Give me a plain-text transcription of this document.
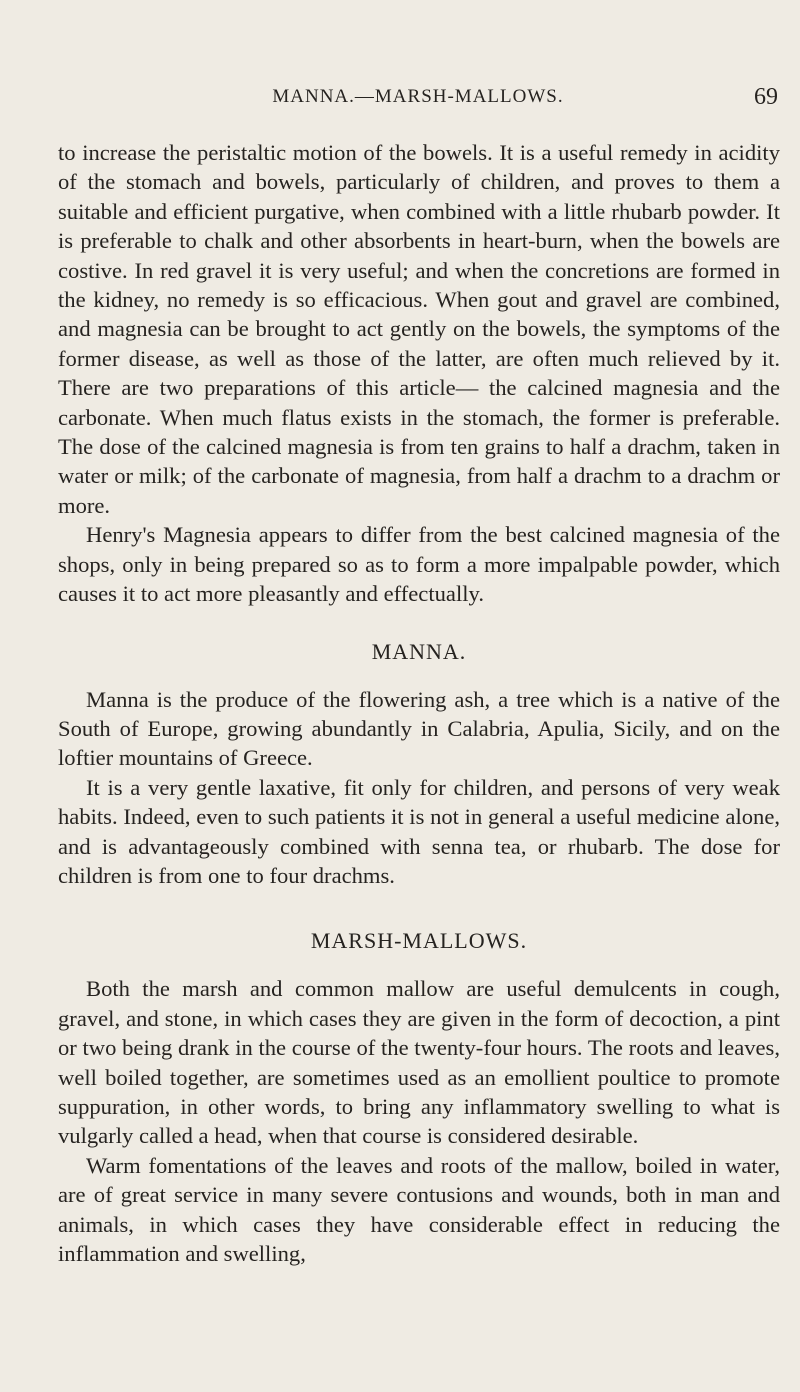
MANNA.—MARSH-MALLOWS.	69

to increase the peristaltic motion of the bowels. It is a useful remedy in acidity of the stomach and bowels, particularly of children, and proves to them a suitable and efficient purgative, when combined with a little rhubarb powder. It is preferable to chalk and other absorbents in heart-burn, when the bowels are costive. In red gravel it is very useful; and when the concretions are formed in the kidney, no remedy is so efficacious. When gout and gravel are combined, and magnesia can be brought to act gently on the bowels, the symptoms of the former disease, as well as those of the latter, are often much relieved by it. There are two preparations of this article— the calcined magnesia and the carbonate. When much flatus exists in the stomach, the former is preferable. The dose of the calcined magnesia is from ten grains to half a drachm, taken in water or milk; of the carbonate of magnesia, from half a drachm to a drachm or more.

Henry's Magnesia appears to differ from the best calcined magnesia of the shops, only in being prepared so as to form a more impalpable powder, which causes it to act more pleasantly and effectually.

MANNA.

Manna is the produce of the flowering ash, a tree which is a native of the South of Europe, growing abundantly in Calabria, Apulia, Sicily, and on the loftier mountains of Greece.

It is a very gentle laxative, fit only for children, and persons of very weak habits. Indeed, even to such patients it is not in general a useful medicine alone, and is advantageously combined with senna tea, or rhubarb. The dose for children is from one to four drachms.

MARSH-MALLOWS.

Both the marsh and common mallow are useful demulcents in cough, gravel, and stone, in which cases they are given in the form of decoction, a pint or two being drank in the course of the twenty-four hours. The roots and leaves, well boiled together, are sometimes used as an emollient poultice to promote suppuration, in other words, to bring any inflammatory swelling to what is vulgarly called a head, when that course is considered desirable.

Warm fomentations of the leaves and roots of the mallow, boiled in water, are of great service in many severe contusions and wounds, both in man and animals, in which cases they have considerable effect in reducing the inflammation and swelling,
